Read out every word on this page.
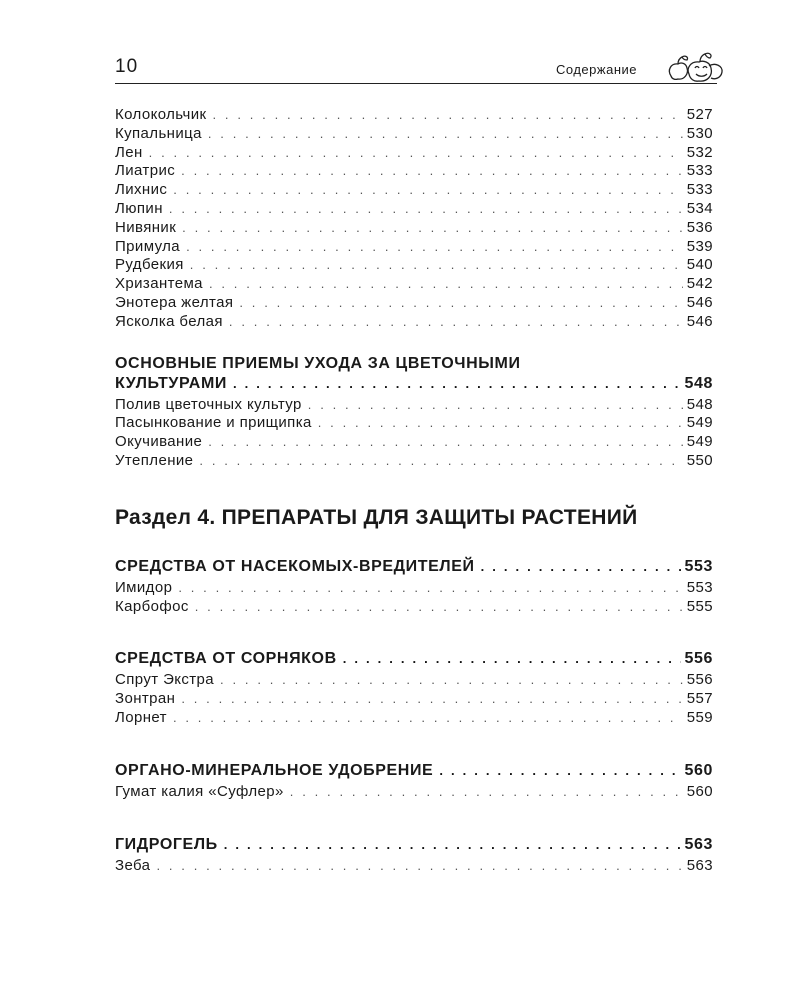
10	Содержание
Колокольчик . . .	527
Купальница . . .	530
Лен . . .	532
Лиатрис . . .	533
Лихнис . . .	533
Люпин . . .	534
Нивяник . . .	536
Примула . . .	539
Рудбекия . . .	540
Хризантема . . .	542
Энотера желтая . . .	546
Ясколка белая . . .	546
ОСНОВНЫЕ ПРИЕМЫ УХОДА ЗА ЦВЕТОЧНЫМИ
КУЛЬТУРАМИ . . .	548
Полив цветочных культур . . .	548
Пасынкование и прищипка . . .	549
Окучивание . . .	549
Утепление . . .	550
Раздел 4. ПРЕПАРАТЫ ДЛЯ ЗАЩИТЫ РАСТЕНИЙ
СРЕДСТВА ОТ НАСЕКОМЫХ-ВРЕДИТЕЛЕЙ . . .	553
Имидор . . .	553
Карбофос . . .	555
СРЕДСТВА ОТ СОРНЯКОВ . . .	556
Спрут Экстра . . .	556
Зонтран . . .	557
Лорнет . . .	559
ОРГАНО-МИНЕРАЛЬНОЕ УДОБРЕНИЕ . . .	560
Гумат калия «Суфлер» . . .	560
ГИДРОГЕЛЬ . . .	563
Зеба . . .	563
